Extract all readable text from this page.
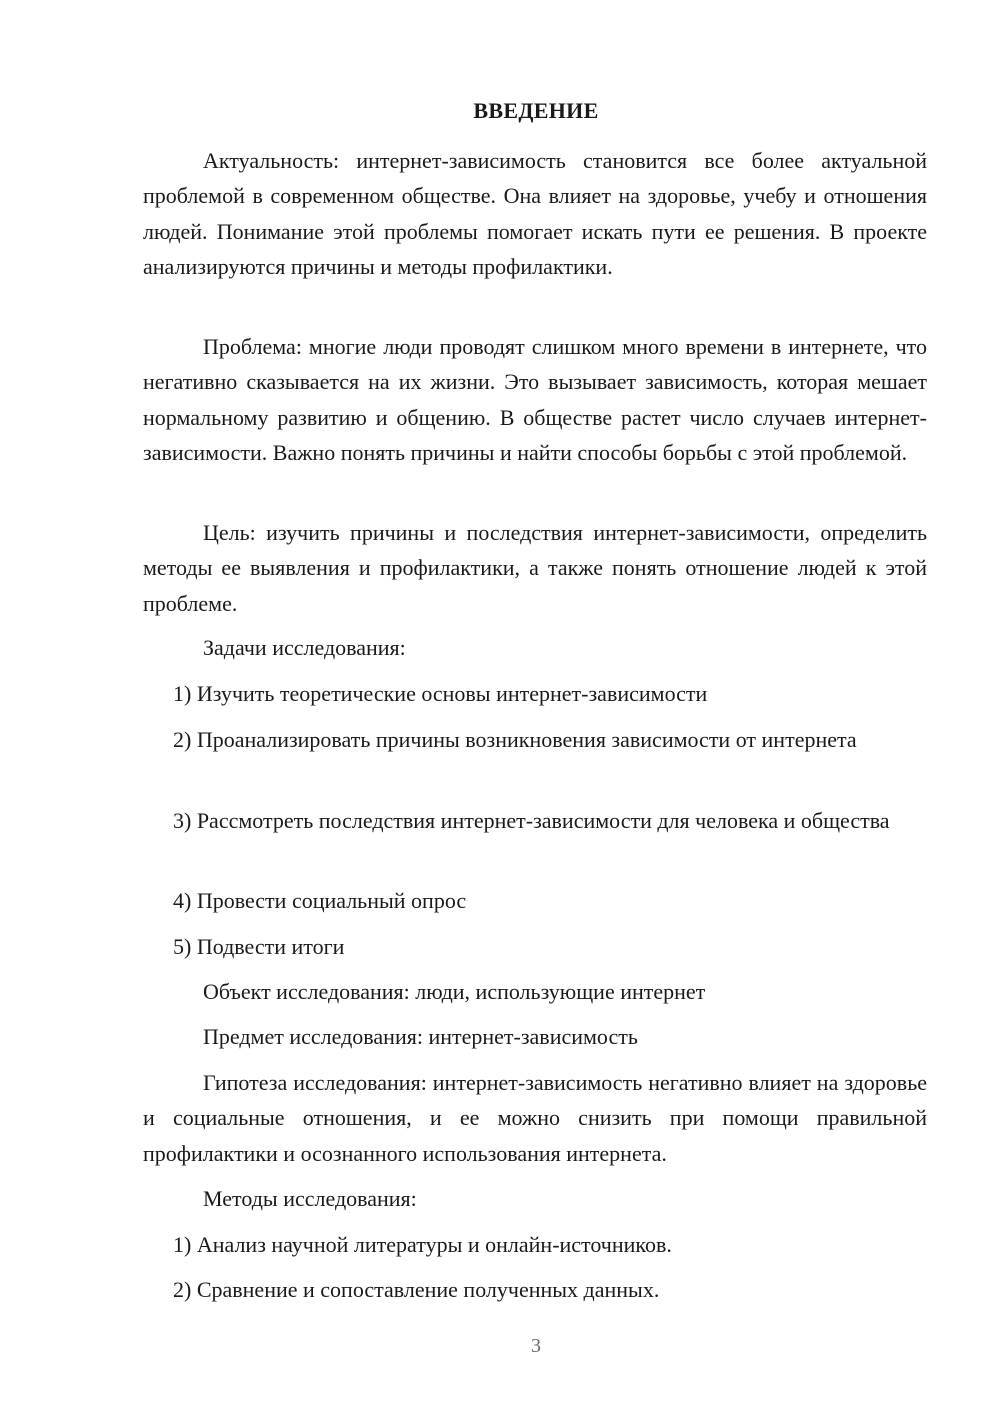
ВВЕДЕНИЕ

Актуальность: интернет-зависимость становится все более актуальной проблемой в современном обществе. Она влияет на здоровье, учебу и отношения людей. Понимание этой проблемы помогает искать пути ее решения. В проекте анализируются причины и методы профилактики.

Проблема: многие люди проводят слишком много времени в интернете, что негативно сказывается на их жизни. Это вызывает зависимость, которая мешает нормальному развитию и общению. В обществе растет число случаев интернет-зависимости. Важно понять причины и найти способы борьбы с этой проблемой.

Цель: изучить причины и последствия интернет-зависимости, определить методы ее выявления и профилактики, а также понять отношение людей к этой проблеме.

Задачи исследования:

1) Изучить теоретические основы интернет-зависимости

2) Проанализировать причины возникновения зависимости от интернета

3) Рассмотреть последствия интернет-зависимости для человека и общества

4) Провести социальный опрос

5) Подвести итоги

Объект исследования: люди, использующие интернет

Предмет исследования: интернет-зависимость

Гипотеза исследования: интернет-зависимость негативно влияет на здоровье и социальные отношения, и ее можно снизить при помощи правильной профилактики и осознанного использования интернета.

Методы исследования:

1) Анализ научной литературы и онлайн-источников.

2) Сравнение и сопоставление полученных данных.

3
